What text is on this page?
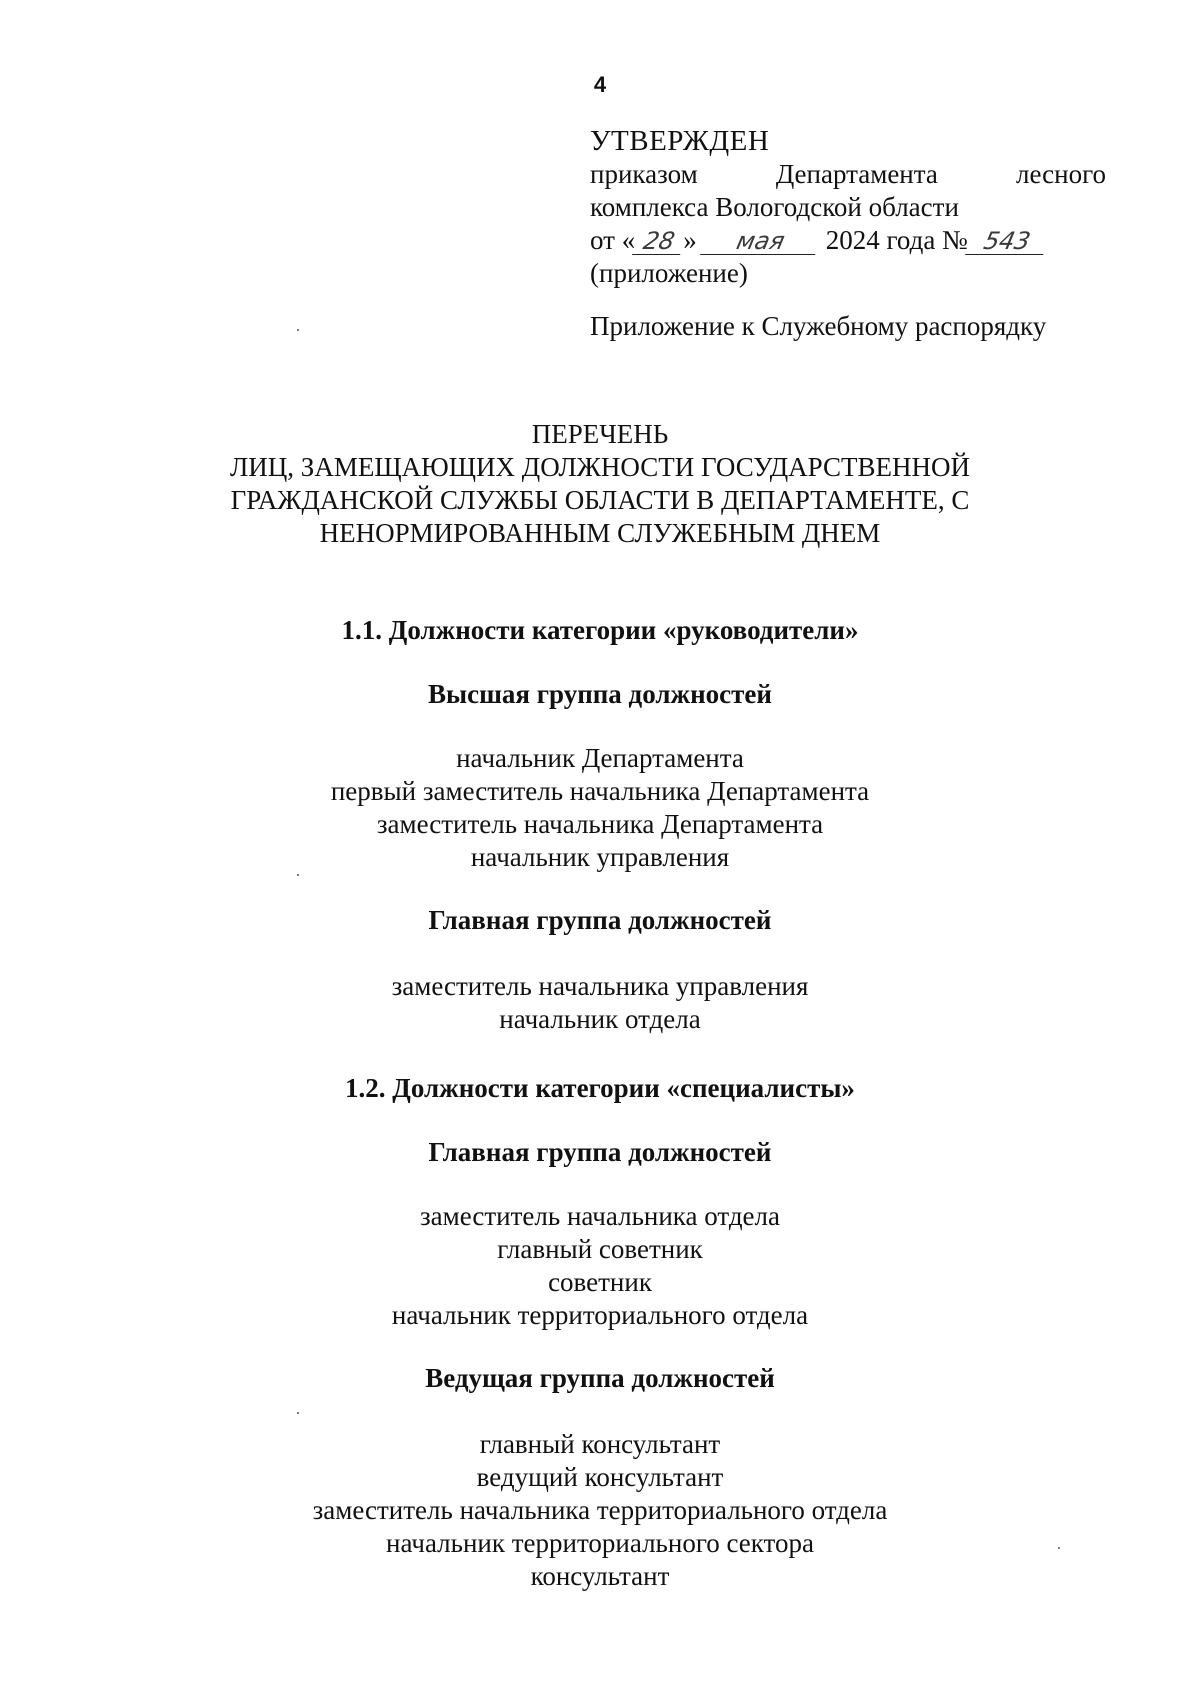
4
УТВЕРЖДЕН
приказом	Департамента	лесного
комплекса Вологодской области
от « 28 »	мая	2024 года № 543
(приложение)
Приложение к Служебному распорядку
ПЕРЕЧЕНЬ
ЛИЦ, ЗАМЕЩАЮЩИХ ДОЛЖНОСТИ ГОСУДАРСТВЕННОЙ
ГРАЖДАНСКОЙ СЛУЖБЫ ОБЛАСТИ В ДЕПАРТАМЕНТЕ, С
НЕНОРМИРОВАННЫМ СЛУЖЕБНЫМ ДНЕМ
1.1. Должности категории «руководители»
Высшая группа должностей
начальник Департамента
первый заместитель начальника Департамента
заместитель начальника Департамента
начальник управления
Главная группа должностей
заместитель начальника управления
начальник отдела
1.2. Должности категории «специалисты»
Главная группа должностей
заместитель начальника отдела
главный советник
советник
начальник территориального отдела
Ведущая группа должностей
главный консультант
ведущий консультант
заместитель начальника территориального отдела
начальник территориального сектора
консультант
